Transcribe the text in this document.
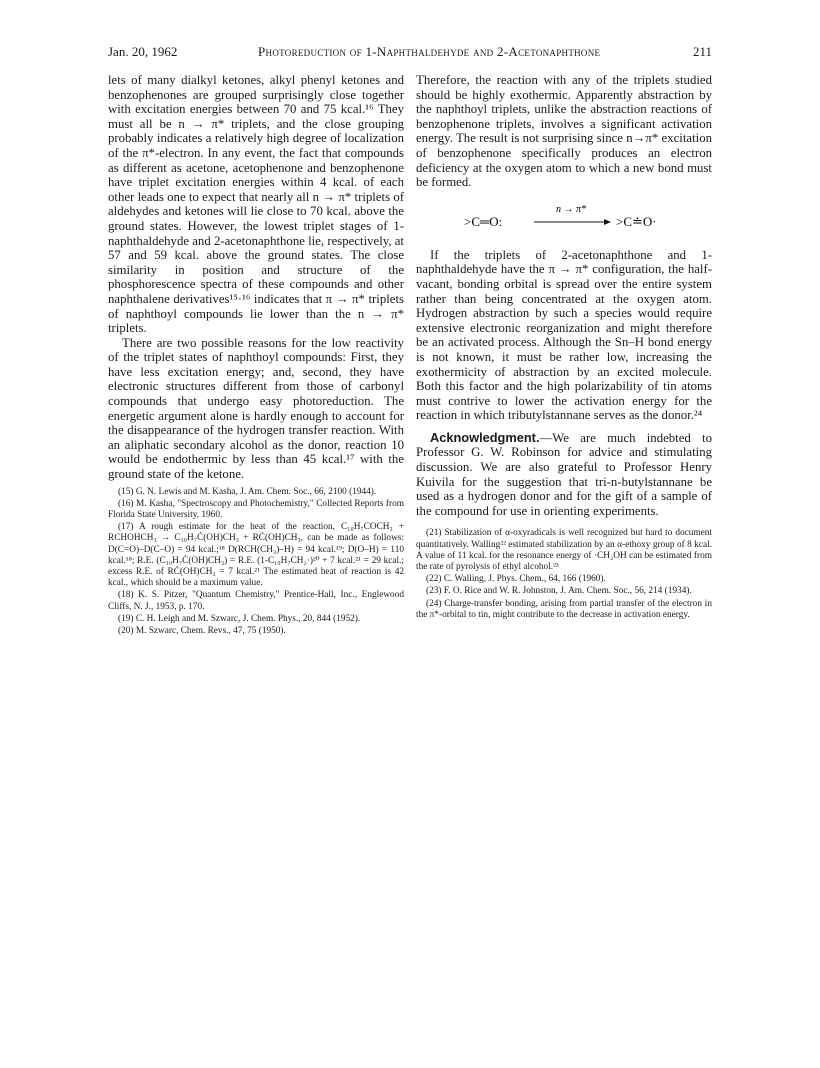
Jan. 20, 1962	Photoreduction of 1-Naphthaldehyde and 2-Acetonaphthone	211

lets of many dialkyl ketones, alkyl phenyl ketones and benzophenones are grouped surprisingly close together with excitation energies between 70 and 75 kcal.¹⁶ They must all be n → π* triplets, and the close grouping probably indicates a relatively high degree of localization of the π*-electron. In any event, the fact that compounds as different as acetone, acetophenone and benzophenone have triplet excitation energies within 4 kcal. of each other leads one to expect that nearly all n → π* triplets of aldehydes and ketones will lie close to 70 kcal. above the ground states. However, the lowest triplet stages of 1-naphthaldehyde and 2-acetonaphthone lie, respectively, at 57 and 59 kcal. above the ground states. The close similarity in position and structure of the phosphorescence spectra of these compounds and other naphthalene derivatives¹⁵·¹⁶ indicates that π → π* triplets of naphthoyl compounds lie lower than the n → π* triplets.

There are two possible reasons for the low reactivity of the triplet states of naphthoyl compounds: First, they have less excitation energy; and, second, they have electronic structures different from those of carbonyl compounds that undergo easy photoreduction. The energetic argument alone is hardly enough to account for the disappearance of the hydrogen transfer reaction. With an aliphatic secondary alcohol as the donor, reaction 10 would be endothermic by less than 45 kcal.¹⁷ with the ground state of the ketone.

(15) G. N. Lewis and M. Kasha, J. Am. Chem. Soc., 66, 2100 (1944).

(16) M. Kasha, "Spectroscopy and Photochemistry," Collected Reports from Florida State University, 1960.

(17) A rough estimate for the heat of the reaction, C₁₀H₇COCH₃ + RCHOHCH₃ → C₁₀H₇Ċ(OH)CH₃ + RĊ(OH)CH₃, can be made as follows: D(C=O)–D(C–O) = 94 kcal.;¹⁸ D(RCH(CH₃)–H) = 94 kcal.¹⁹; D(O–H) = 110 kcal.¹⁸; R.E. (C₁₀H₇Ċ(OH)CH₃) = R.E. (1-C₁₀H₇CH₂·)²⁰ + 7 kcal.²¹ = 29 kcal.; excess R.E. of RĊ(OH)CH₃ = 7 kcal.²¹ The estimated heat of reaction is 42 kcal., which should be a maximum value.

(18) K. S. Pitzer, "Quantum Chemistry," Prentice-Hall, Inc., Englewood Cliffs, N. J., 1953, p. 170.

(19) C. H. Leigh and M. Szwarc, J. Chem. Phys., 20, 844 (1952).

(20) M. Szwarc, Chem. Revs., 47, 75 (1950).

Therefore, the reaction with any of the triplets studied should be highly exothermic. Apparently abstraction by the naphthoyl triplets, unlike the abstraction reactions of benzophenone triplets, involves a significant activation energy. The result is not surprising since n→π* excitation of benzophenone specifically produces an electron deficiency at the oxygen atom to which a new bond must be formed.

>C═O:
n → π*
>C≐O·

If the triplets of 2-acetonaphthone and 1-naphthaldehyde have the π → π* configuration, the half-vacant, bonding orbital is spread over the entire system rather than being concentrated at the oxygen atom. Hydrogen abstraction by such a species would require extensive electronic reorganization and might therefore be an activated process. Although the Sn–H bond energy is not known, it must be rather low, increasing the exothermicity of abstraction by an excited molecule. Both this factor and the high polarizability of tin atoms must contrive to lower the activation energy for the reaction in which tributylstannane serves as the donor.²⁴

Acknowledgment.—We are much indebted to Professor G. W. Robinson for advice and stimulating discussion. We are also grateful to Professor Henry Kuivila for the suggestion that tri-n-butylstannane be used as a hydrogen donor and for the gift of a sample of the compound for use in orienting experiments.

(21) Stabilization of α-oxyradicals is well recognized but hard to document quantitatively. Walling²² estimated stabilization by an α-ethoxy group of 8 kcal. A value of 11 kcal. for the resonance energy of ·CH₂OH can be estimated from the rate of pyrolysis of ethyl alcohol.²³

(22) C. Walling, J. Phys. Chem., 64, 166 (1960).

(23) F. O. Rice and W. R. Johnston, J. Am. Chem. Soc., 56, 214 (1934).

(24) Charge-transfer bonding, arising from partial transfer of the electron in the π*-orbital to tin, might contribute to the decrease in activation energy.
